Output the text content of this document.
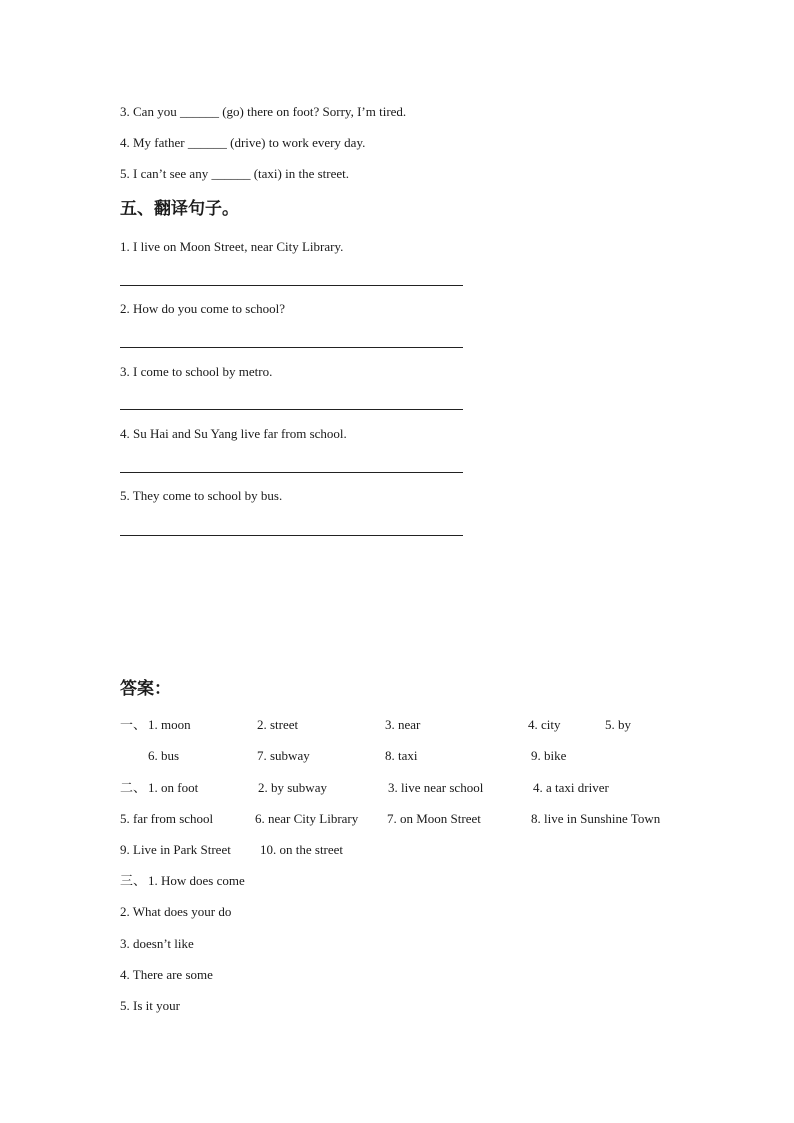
3. Can you ______ (go) there on foot? Sorry, I’m tired.
4. My father ______ (drive) to work every day.
5. I can’t see any ______ (taxi) in the street.
五、翻译句子。
1. I live on Moon Street, near City Library.
2. How do you come to school?
3. I come to school by metro.
4. Su Hai and Su Yang live far from school.
5. They come to school by bus.
答案：
一、 1. moon	2. street	3. near	4. city	5. by
6. bus	7. subway	8. taxi	9. bike
二、 1. on foot	2. by subway	3. live near school	4. a taxi driver
5. far from school	6. near City Library 7. on Moon Street	8. live in Sunshine Town
9. Live in Park Street 10. on the street
三、 1. How does come
2. What does your do
3. doesn’t like
4. There are some
5. Is it your
